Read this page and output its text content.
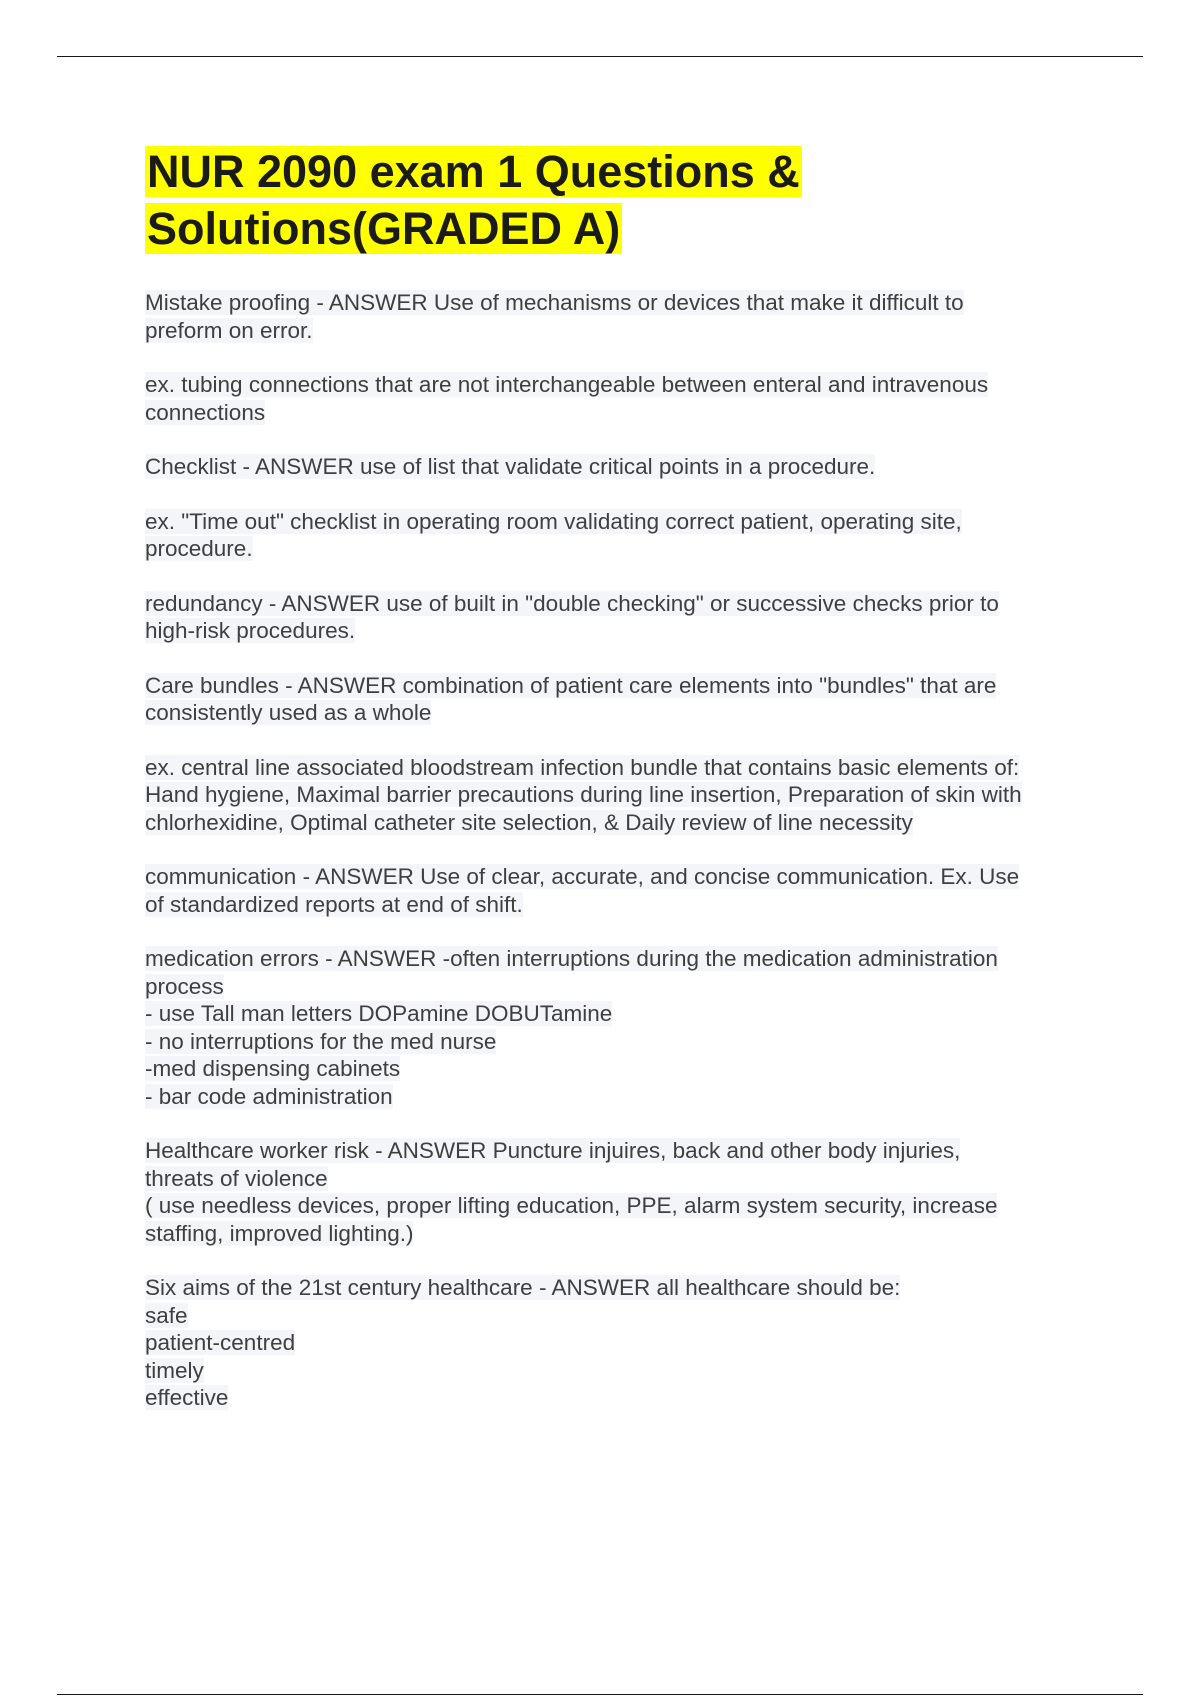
NUR 2090 exam 1 Questions &
Solutions(GRADED A)
Mistake proofing - ANSWER Use of mechanisms or devices that make it difficult to
preform on error.
ex. tubing connections that are not interchangeable between enteral and intravenous
connections
Checklist - ANSWER use of list that validate critical points in a procedure.
ex. "Time out" checklist in operating room validating correct patient, operating site,
procedure.
redundancy - ANSWER use of built in "double checking" or successive checks prior to
high-risk procedures.
Care bundles - ANSWER combination of patient care elements into "bundles" that are
consistently used as a whole
ex. central line associated bloodstream infection bundle that contains basic elements of:
Hand hygiene, Maximal barrier precautions during line insertion, Preparation of skin with
chlorhexidine, Optimal catheter site selection, & Daily review of line necessity
communication - ANSWER Use of clear, accurate, and concise communication. Ex. Use
of standardized reports at end of shift.
medication errors - ANSWER -often interruptions during the medication administration
process
- use Tall man letters DOPamine DOBUTamine
- no interruptions for the med nurse
-med dispensing cabinets
- bar code administration
Healthcare worker risk - ANSWER Puncture injuires, back and other body injuries,
threats of violence
( use needless devices, proper lifting education, PPE, alarm system security, increase
staffing, improved lighting.)
Six aims of the 21st century healthcare - ANSWER all healthcare should be:
safe
patient-centred
timely
effective
